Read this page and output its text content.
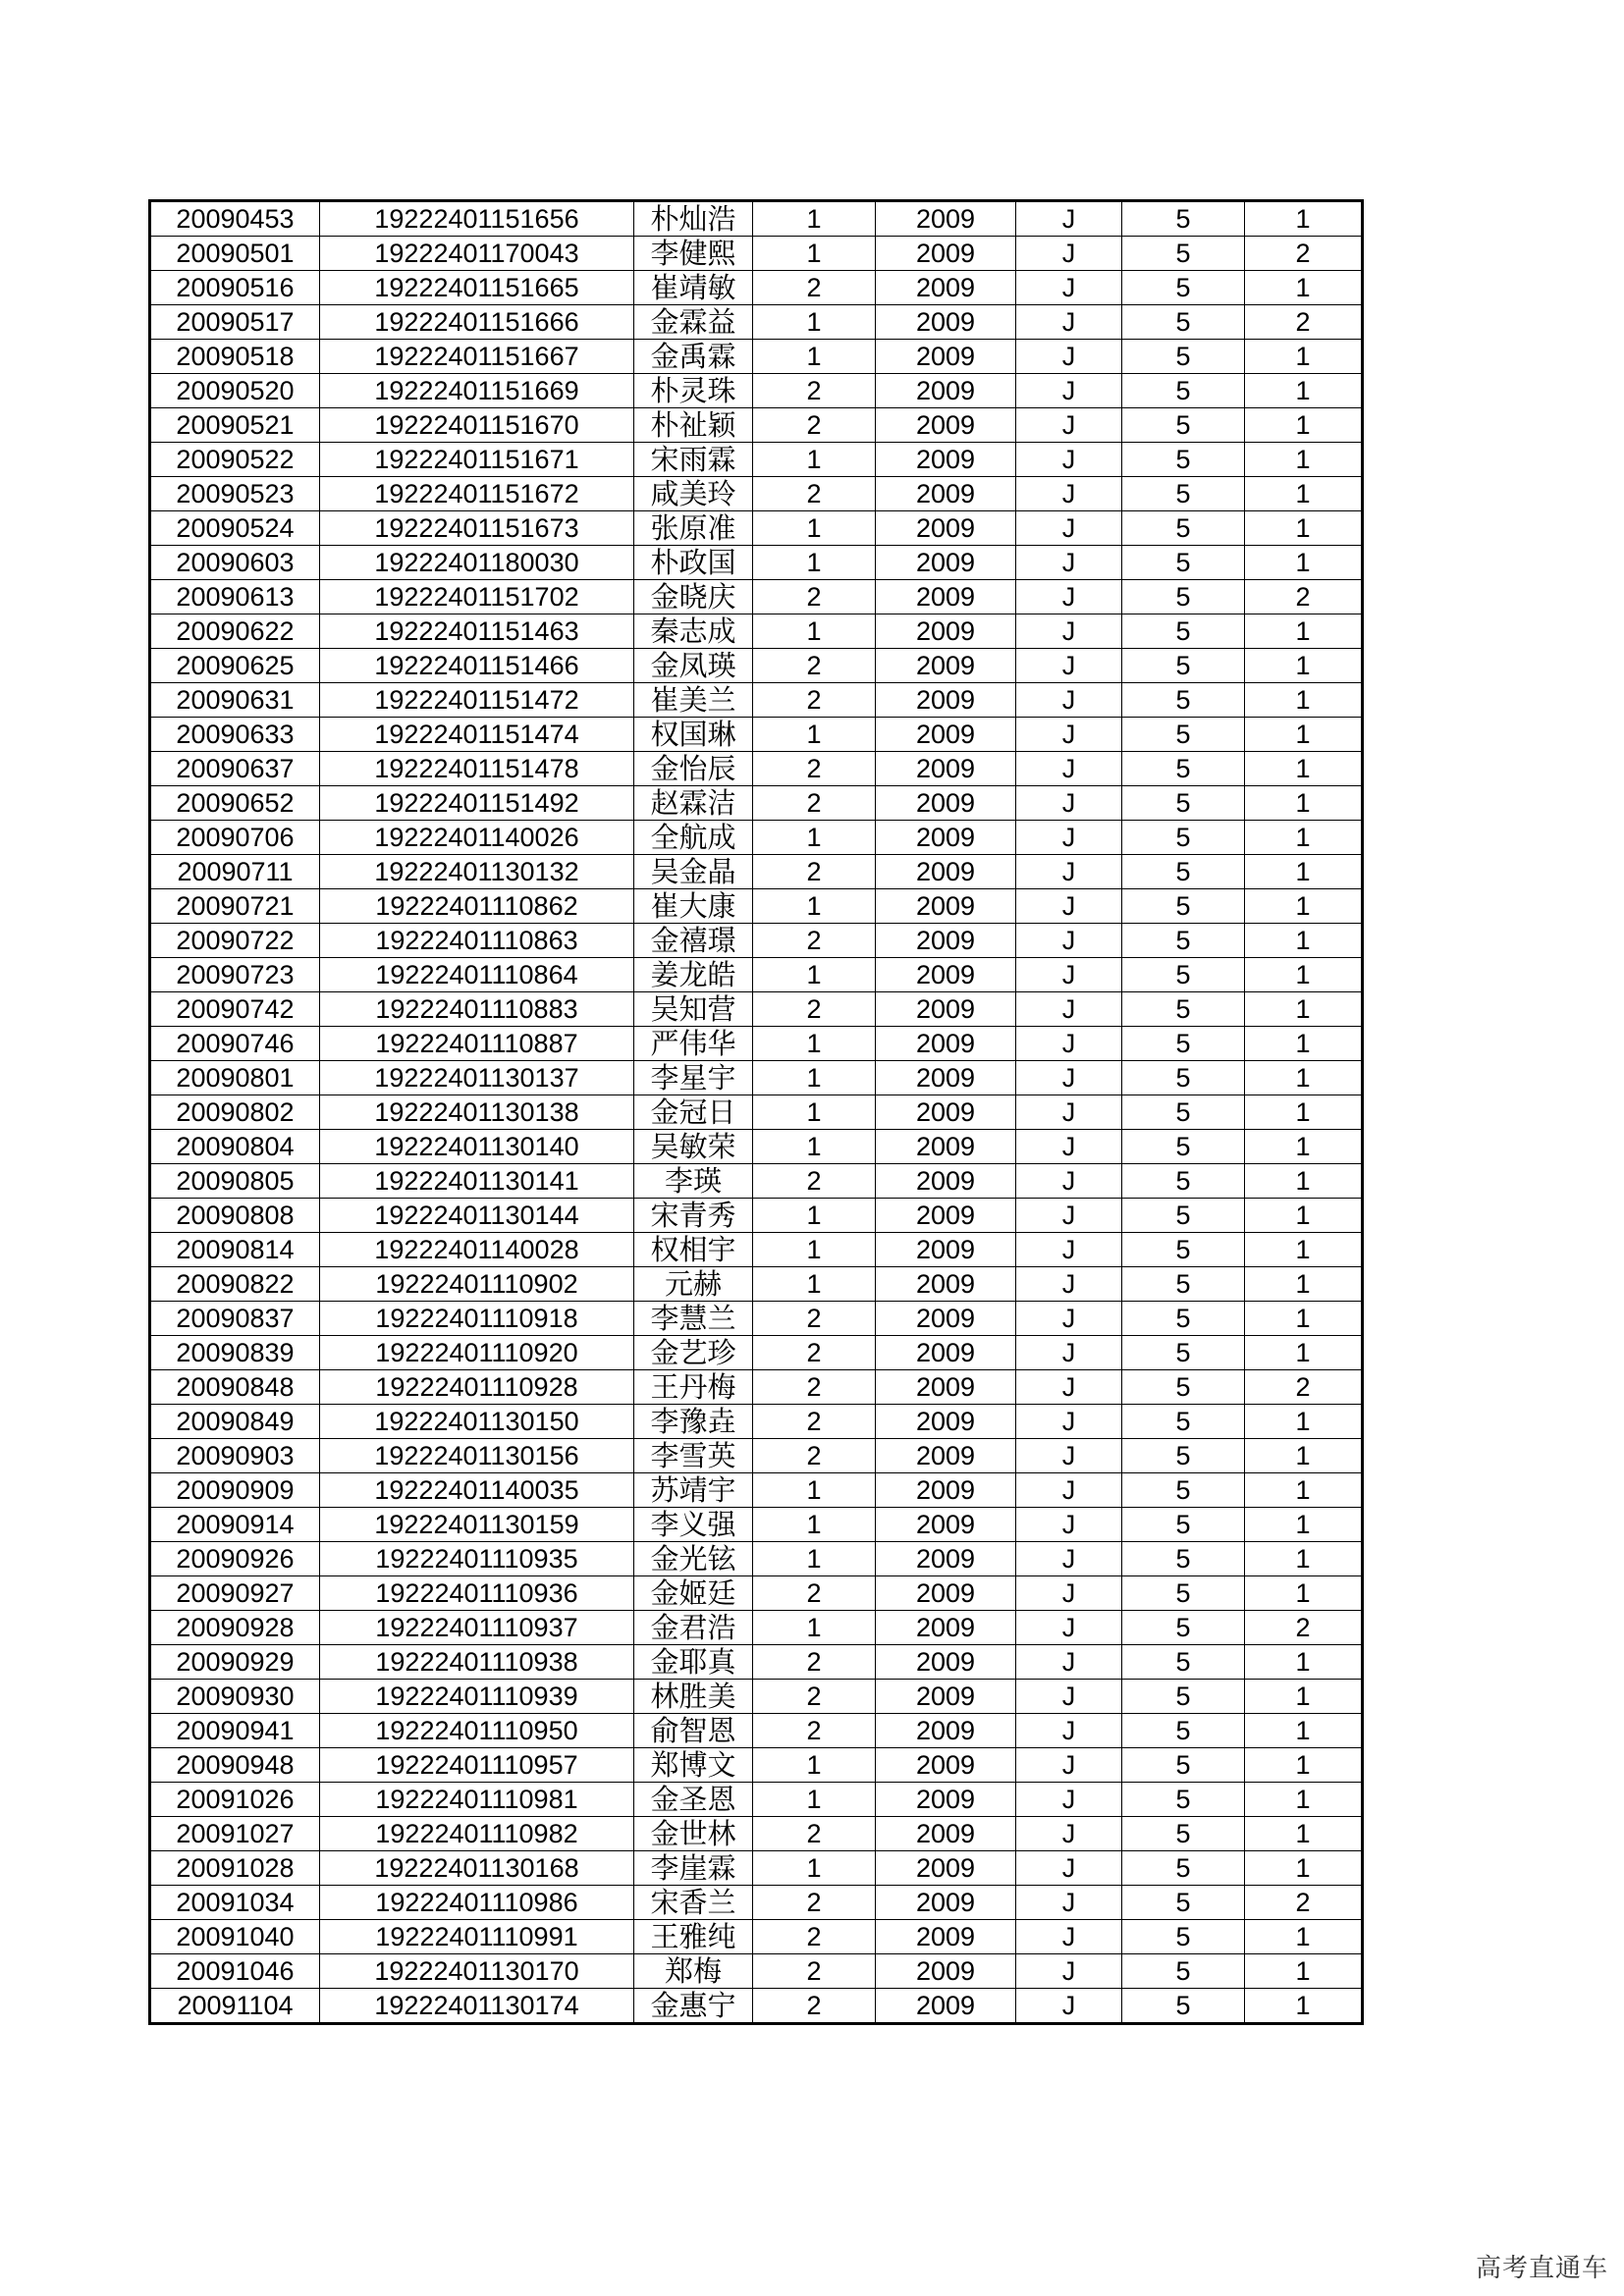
20090453	19222401151656	朴灿浩	1	2009	J	5	1
20090501	19222401170043	李健熙	1	2009	J	5	2
20090516	19222401151665	崔靖敏	2	2009	J	5	1
20090517	19222401151666	金霖益	1	2009	J	5	2
20090518	19222401151667	金禹霖	1	2009	J	5	1
20090520	19222401151669	朴灵珠	2	2009	J	5	1
20090521	19222401151670	朴祉颖	2	2009	J	5	1
20090522	19222401151671	宋雨霖	1	2009	J	5	1
20090523	19222401151672	咸美玲	2	2009	J	5	1
20090524	19222401151673	张原准	1	2009	J	5	1
20090603	19222401180030	朴政国	1	2009	J	5	1
20090613	19222401151702	金晓庆	2	2009	J	5	2
20090622	19222401151463	秦志成	1	2009	J	5	1
20090625	19222401151466	金凤瑛	2	2009	J	5	1
20090631	19222401151472	崔美兰	2	2009	J	5	1
20090633	19222401151474	权国琳	1	2009	J	5	1
20090637	19222401151478	金怡辰	2	2009	J	5	1
20090652	19222401151492	赵霖洁	2	2009	J	5	1
20090706	19222401140026	全航成	1	2009	J	5	1
20090711	19222401130132	吴金晶	2	2009	J	5	1
20090721	19222401110862	崔大康	1	2009	J	5	1
20090722	19222401110863	金禧璟	2	2009	J	5	1
20090723	19222401110864	姜龙皓	1	2009	J	5	1
20090742	19222401110883	吴知营	2	2009	J	5	1
20090746	19222401110887	严伟华	1	2009	J	5	1
20090801	19222401130137	李星宇	1	2009	J	5	1
20090802	19222401130138	金冠日	1	2009	J	5	1
20090804	19222401130140	吴敏荣	1	2009	J	5	1
20090805	19222401130141	李瑛	2	2009	J	5	1
20090808	19222401130144	宋青秀	1	2009	J	5	1
20090814	19222401140028	权相宇	1	2009	J	5	1
20090822	19222401110902	元赫	1	2009	J	5	1
20090837	19222401110918	李慧兰	2	2009	J	5	1
20090839	19222401110920	金艺珍	2	2009	J	5	1
20090848	19222401110928	王丹梅	2	2009	J	5	2
20090849	19222401130150	李豫垚	2	2009	J	5	1
20090903	19222401130156	李雪英	2	2009	J	5	1
20090909	19222401140035	苏靖宇	1	2009	J	5	1
20090914	19222401130159	李义强	1	2009	J	5	1
20090926	19222401110935	金光铉	1	2009	J	5	1
20090927	19222401110936	金姬廷	2	2009	J	5	1
20090928	19222401110937	金君浩	1	2009	J	5	2
20090929	19222401110938	金耶真	2	2009	J	5	1
20090930	19222401110939	林胜美	2	2009	J	5	1
20090941	19222401110950	俞智恩	2	2009	J	5	1
20090948	19222401110957	郑博文	1	2009	J	5	1
20091026	19222401110981	金圣恩	1	2009	J	5	1
20091027	19222401110982	金世林	2	2009	J	5	1
20091028	19222401130168	李崖霖	1	2009	J	5	1
20091034	19222401110986	宋香兰	2	2009	J	5	2
20091040	19222401110991	王雅纯	2	2009	J	5	1
20091046	19222401130170	郑梅	2	2009	J	5	1
20091104	19222401130174	金惠宁	2	2009	J	5	1
高考直通车
